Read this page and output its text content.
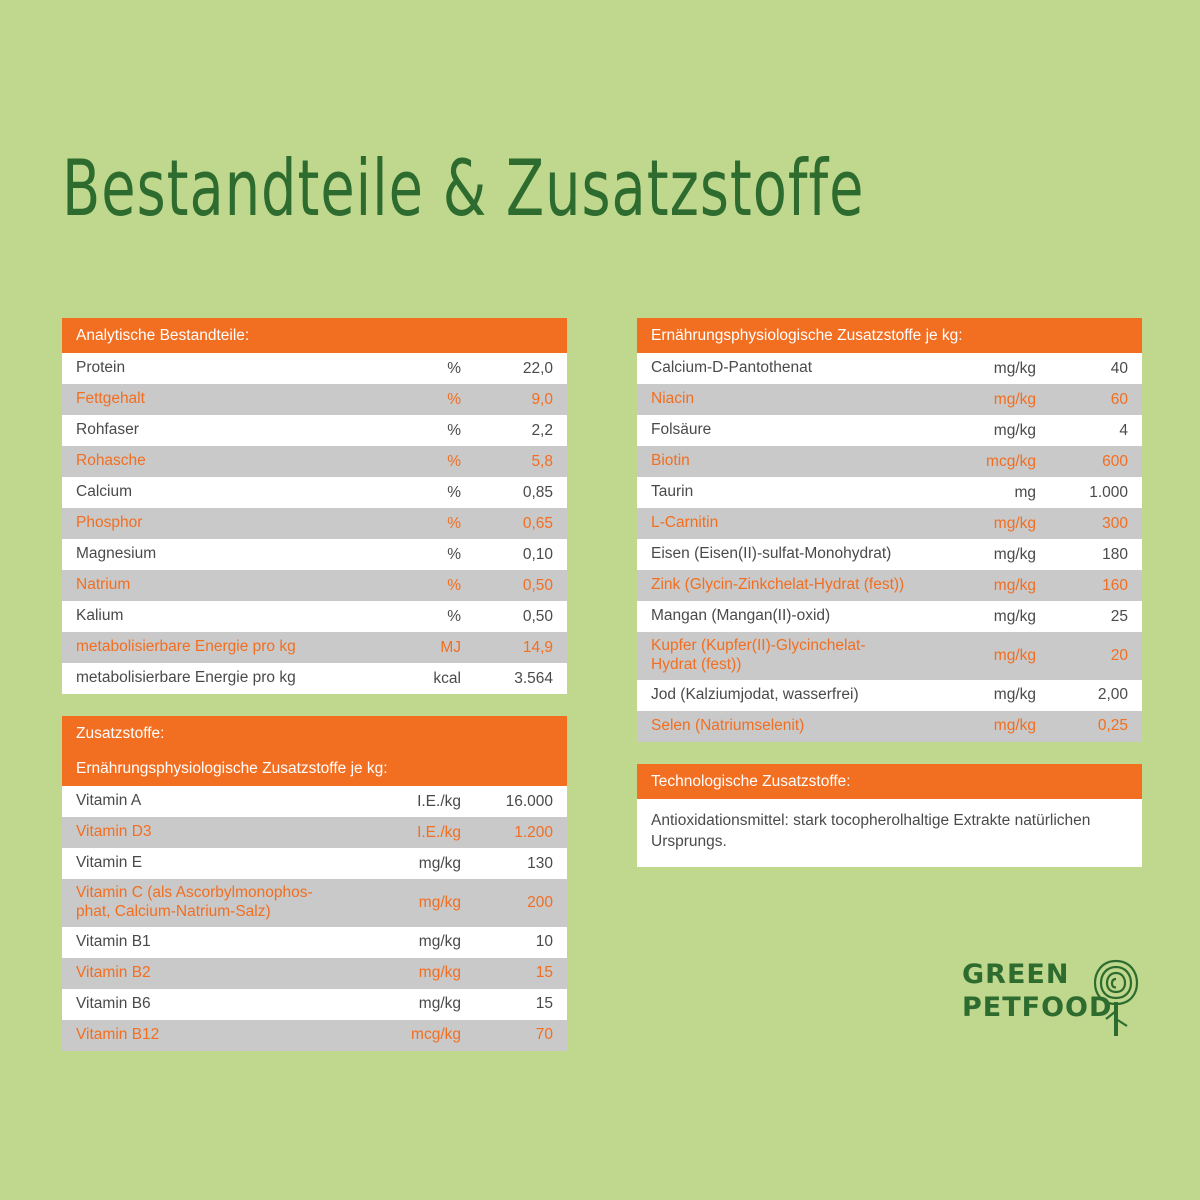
Bestandteile & Zusatzstoffe
Analytische Bestandteile:
Protein	%	22,0
Fettgehalt	%	9,0
Rohfaser	%	2,2
Rohasche	%	5,8
Calcium	%	0,85
Phosphor	%	0,65
Magnesium	%	0,10
Natrium	%	0,50
Kalium	%	0,50
metabolisierbare Energie pro kg	MJ	14,9
metabolisierbare Energie pro kg	kcal	3.564
Zusatzstoffe:
Ernährungsphysiologische Zusatzstoffe je kg:
Vitamin A	I.E./kg	16.000
Vitamin D3	I.E./kg	1.200
Vitamin E	mg/kg	130
Vitamin C (als Ascorbylmonophos-
phat, Calcium-Natrium-Salz)
mg/kg	200
Vitamin B1	mg/kg	10
Vitamin B2	mg/kg	15
Vitamin B6	mg/kg	15
Vitamin B12	mcg/kg	70
Ernährungsphysiologische Zusatzstoffe je kg:
Calcium-D-Pantothenat	mg/kg	40
Niacin	mg/kg	60
Folsäure	mg/kg	4
Biotin	mcg/kg	600
Taurin	mg	1.000
L-Carnitin	mg/kg	300
Eisen (Eisen(II)-sulfat-Monohydrat)	mg/kg	180
Zink (Glycin-Zinkchelat-Hydrat (fest))	mg/kg	160
Mangan (Mangan(II)-oxid)	mg/kg	25
Kupfer (Kupfer(II)-Glycinchelat-
Hydrat (fest))
mg/kg	20
Jod (Kalziumjodat, wasserfrei)	mg/kg	2,00
Selen (Natriumselenit)	mg/kg	0,25
Technologische Zusatzstoffe:
Antioxidationsmittel: stark tocopherolhaltige Extrakte natürlichen Ursprungs.
GREEN
PETFOOD
